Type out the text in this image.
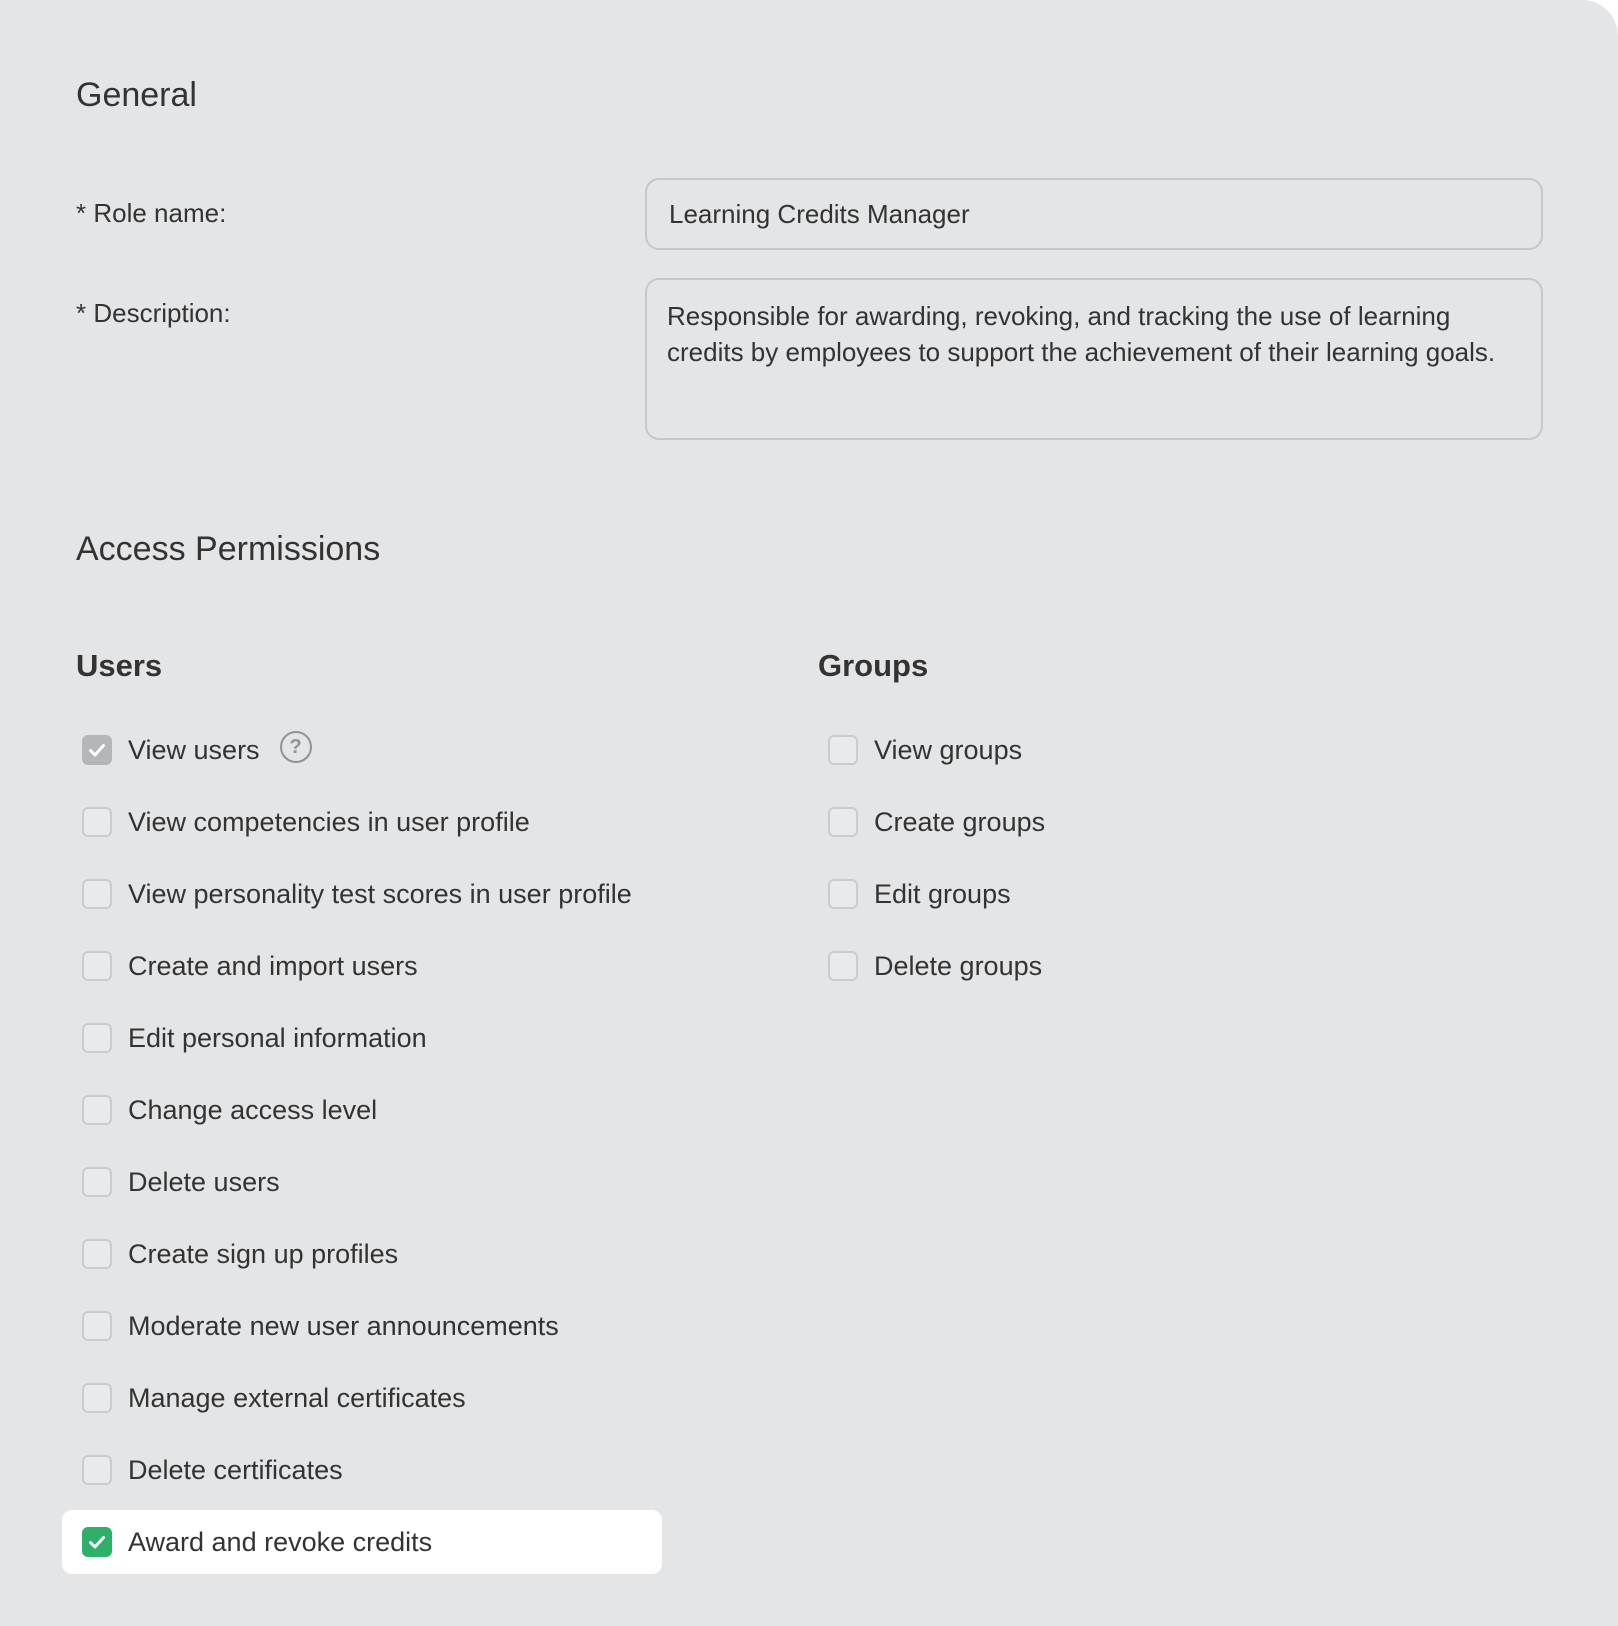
General
* Role name:
Learning Credits Manager
* Description:
Responsible for awarding, revoking, and tracking the use of learning credits by employees to support the achievement of their learning goals.
Access Permissions
Users	Groups
View users	?
View competencies in user profile
View personality test scores in user profile
Create and import users
Edit personal information
Change access level
Delete users
Create sign up profiles
Moderate new user announcements
Manage external certificates
Delete certificates
Award and revoke credits
View groups
Create groups
Edit groups
Delete groups
